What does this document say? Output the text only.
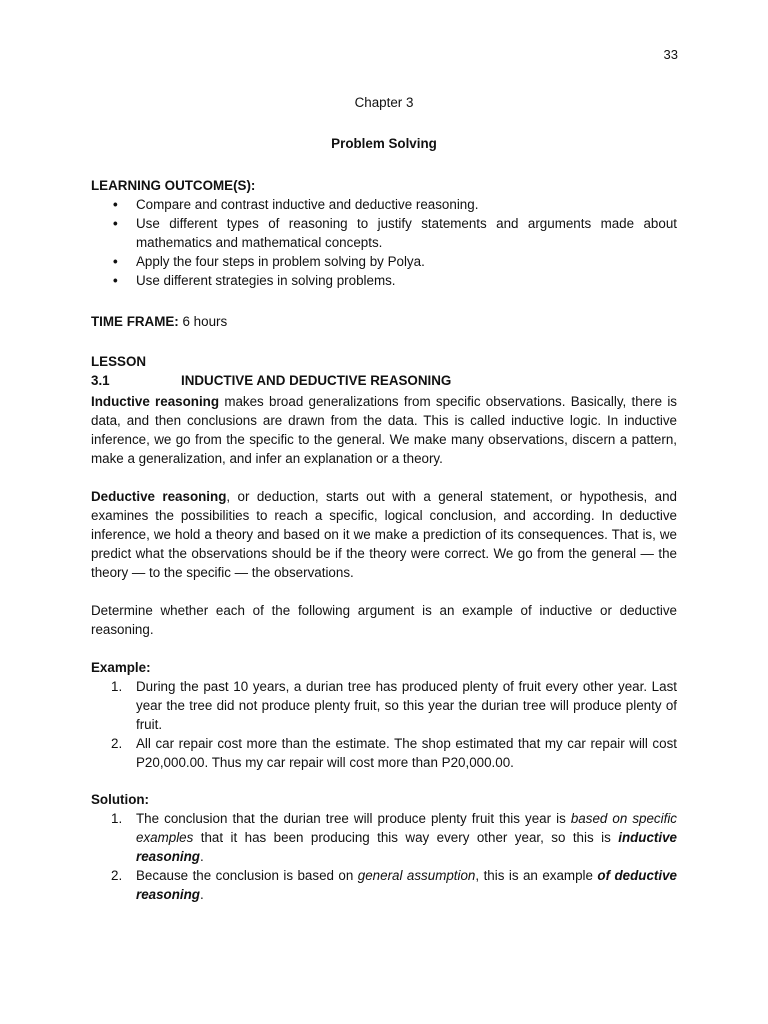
33
Chapter 3
Problem Solving
LEARNING OUTCOME(S):
• Compare and contrast inductive and deductive reasoning.
• Use different types of reasoning to justify statements and arguments made about mathematics and mathematical concepts.
• Apply the four steps in problem solving by Polya.
• Use different strategies in solving problems.
TIME FRAME: 6 hours
LESSON 3.1	INDUCTIVE AND DEDUCTIVE REASONING

Inductive reasoning makes broad generalizations from specific observations. Basically, there is data, and then conclusions are drawn from the data. This is called inductive logic. In inductive inference, we go from the specific to the general. We make many observations, discern a pattern, make a generalization, and infer an explanation or a theory.

Deductive reasoning, or deduction, starts out with a general statement, or hypothesis, and examines the possibilities to reach a specific, logical conclusion, and according. In deductive inference, we hold a theory and based on it we make a prediction of its consequences. That is, we predict what the observations should be if the theory were correct. We go from the general — the theory — to the specific — the observations.

Determine whether each of the following argument is an example of inductive or deductive reasoning.

Example:
1. During the past 10 years, a durian tree has produced plenty of fruit every other year. Last year the tree did not produce plenty fruit, so this year the durian tree will produce plenty of fruit.
2. All car repair cost more than the estimate. The shop estimated that my car repair will cost P20,000.00. Thus my car repair will cost more than P20,000.00.
Solution:
1. The conclusion that the durian tree will produce plenty fruit this year is based on specific examples that it has been producing this way every other year, so this is inductive reasoning.
2. Because the conclusion is based on general assumption, this is an example of deductive reasoning.
